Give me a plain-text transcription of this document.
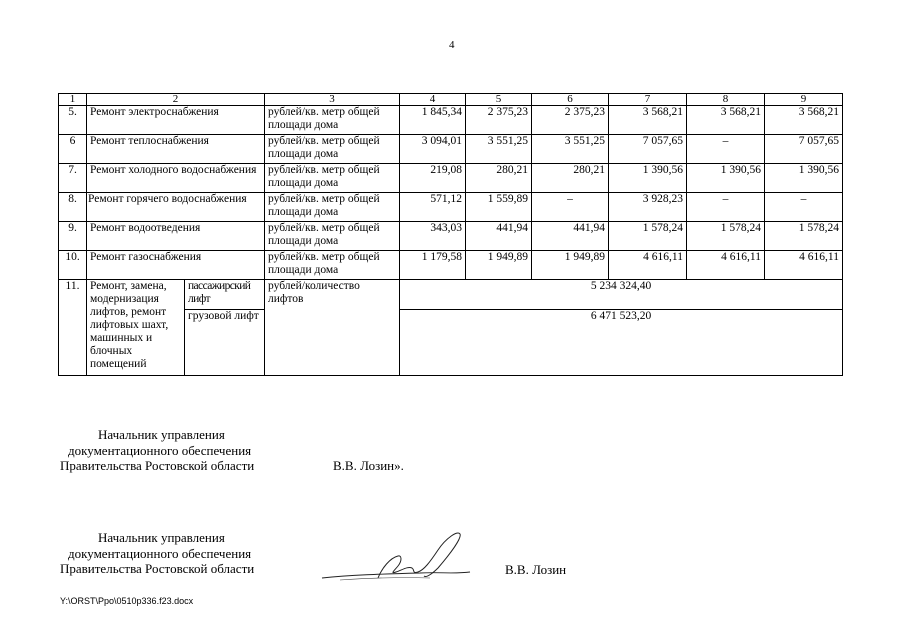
4
1	2		3	4	5	6	7	8	9
5.	Ремонт электроснабжения		рублей/кв. метр общей площади дома	1 845,34	2 375,23	2 375,23	3 568,21	3 568,21	3 568,21
6	Ремонт теплоснабжения		рублей/кв. метр общей площади дома	3 094,01	3 551,25	3 551,25	7 057,65	–	7 057,65
7.	Ремонт холодного водоснабжения		рублей/кв. метр общей площади дома	219,08	280,21	280,21	1 390,56	1 390,56	1 390,56
8.	Ремонт горячего водоснабжения		рублей/кв. метр общей площади дома	571,12	1 559,89	–	3 928,23	–	–
9.	Ремонт водоотведения		рублей/кв. метр общей площади дома	343,03	441,94	441,94	1 578,24	1 578,24	1 578,24
10.	Ремонт газоснабжения		рублей/кв. метр общей площади дома	1 179,58	1 949,89	1 949,89	4 616,11	4 616,11	4 616,11
11.	Ремонт, замена, модернизация лифтов, ремонт лифтовых шахт, машинных и блочных помещений	пассажирский лифт	рублей/количество лифтов	5 234 324,40					
		грузовой лифт		6 471 523,20					
Начальник управления
документационного обеспечения
Правительства Ростовской области	В.В. Лозин».
Начальник управления
документационного обеспечения
Правительства Ростовской области	В.В. Лозин
Y:\ORST\Ppo\0510p336.f23.docx
